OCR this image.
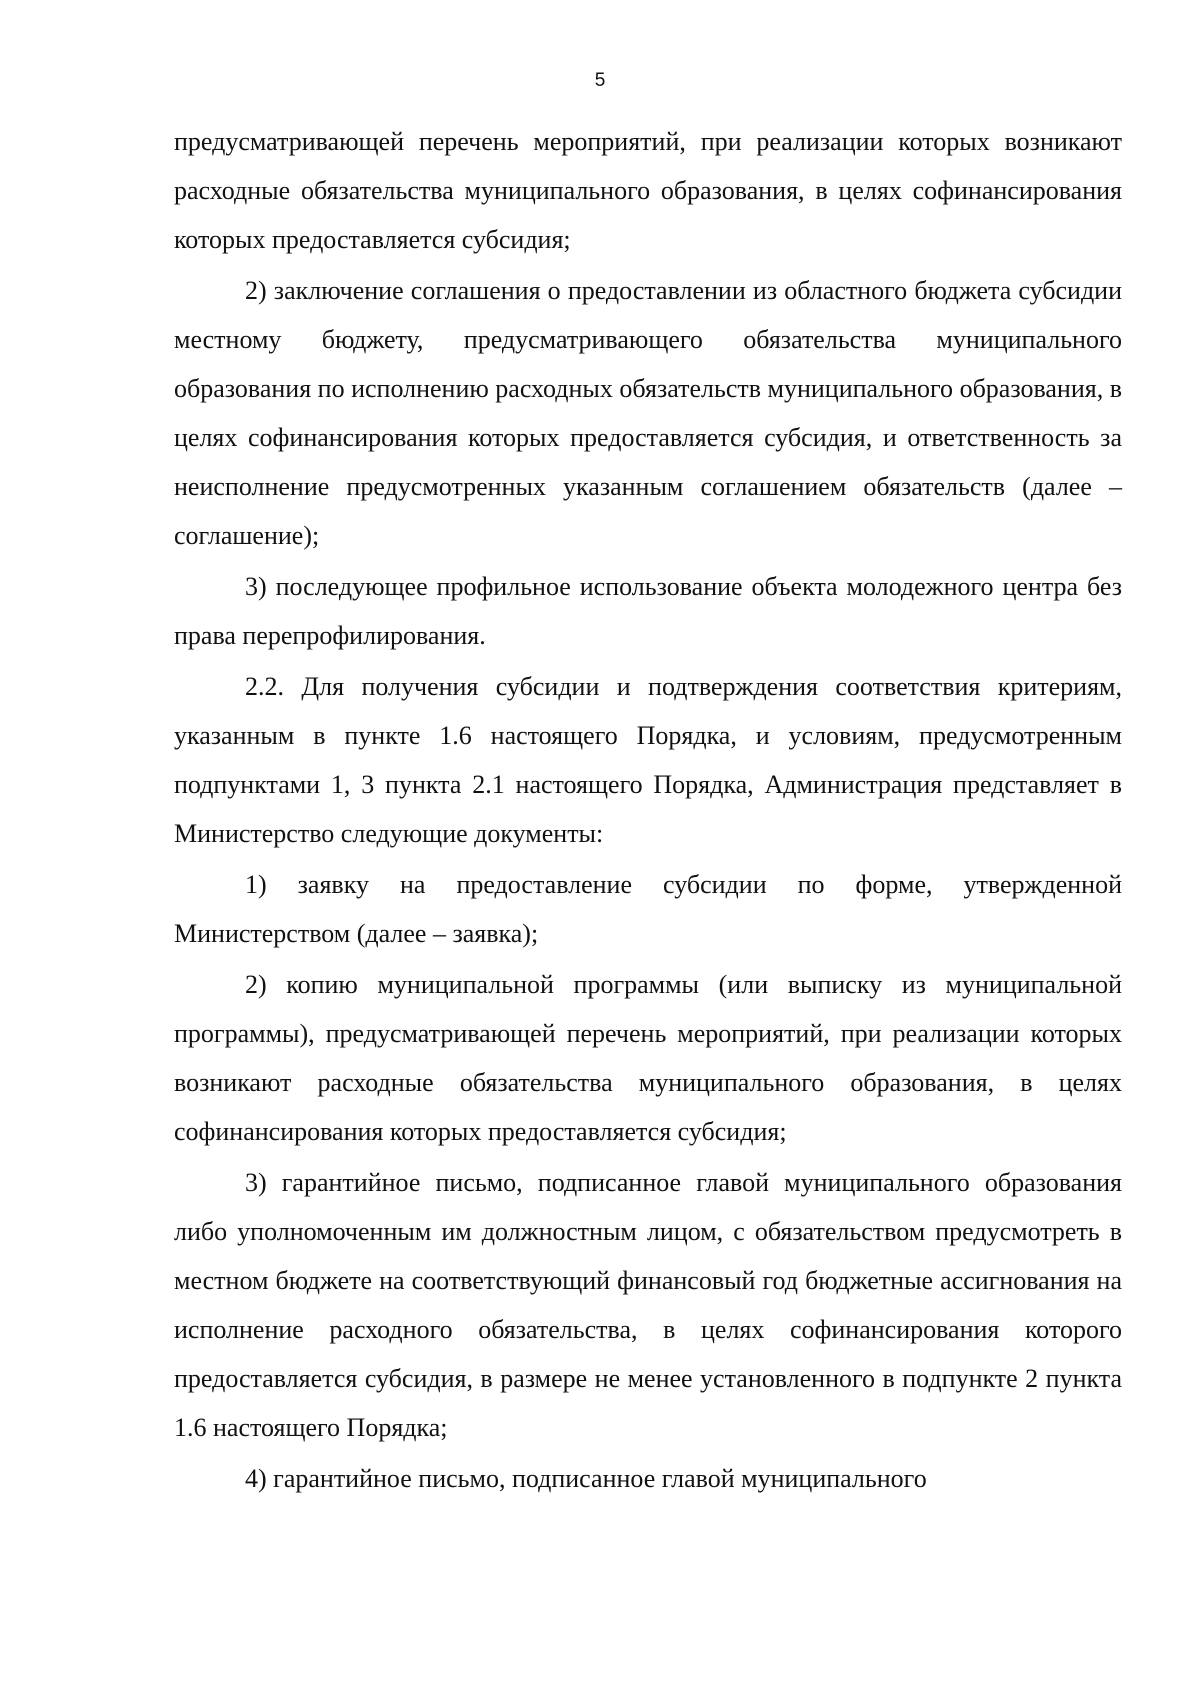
5

предусматривающей перечень мероприятий, при реализации которых возникают расходные обязательства муниципального образования, в целях софинансирования которых предоставляется субсидия;

2) заключение соглашения о предоставлении из областного бюджета субсидии местному бюджету, предусматривающего обязательства муниципального образования по исполнению расходных обязательств муниципального образования, в целях софинансирования которых предоставляется субсидия, и ответственность за неисполнение предусмотренных указанным соглашением обязательств (далее – соглашение);

3) последующее профильное использование объекта молодежного центра без права перепрофилирования.

2.2. Для получения субсидии и подтверждения соответствия критериям, указанным в пункте 1.6 настоящего Порядка, и условиям, предусмотренным подпунктами 1, 3 пункта 2.1 настоящего Порядка, Администрация представляет в Министерство следующие документы:

1) заявку на предоставление субсидии по форме, утвержденной Министерством (далее – заявка);

2) копию муниципальной программы (или выписку из муниципальной программы), предусматривающей перечень мероприятий, при реализации которых возникают расходные обязательства муниципального образования, в целях софинансирования которых предоставляется субсидия;

3) гарантийное письмо, подписанное главой муниципального образования либо уполномоченным им должностным лицом, с обязательством предусмотреть в местном бюджете на соответствующий финансовый год бюджетные ассигнования на исполнение расходного обязательства, в целях софинансирования которого предоставляется субсидия, в размере не менее установленного в подпункте 2 пункта 1.6 настоящего Порядка;

4) гарантийное письмо, подписанное главой муниципального
